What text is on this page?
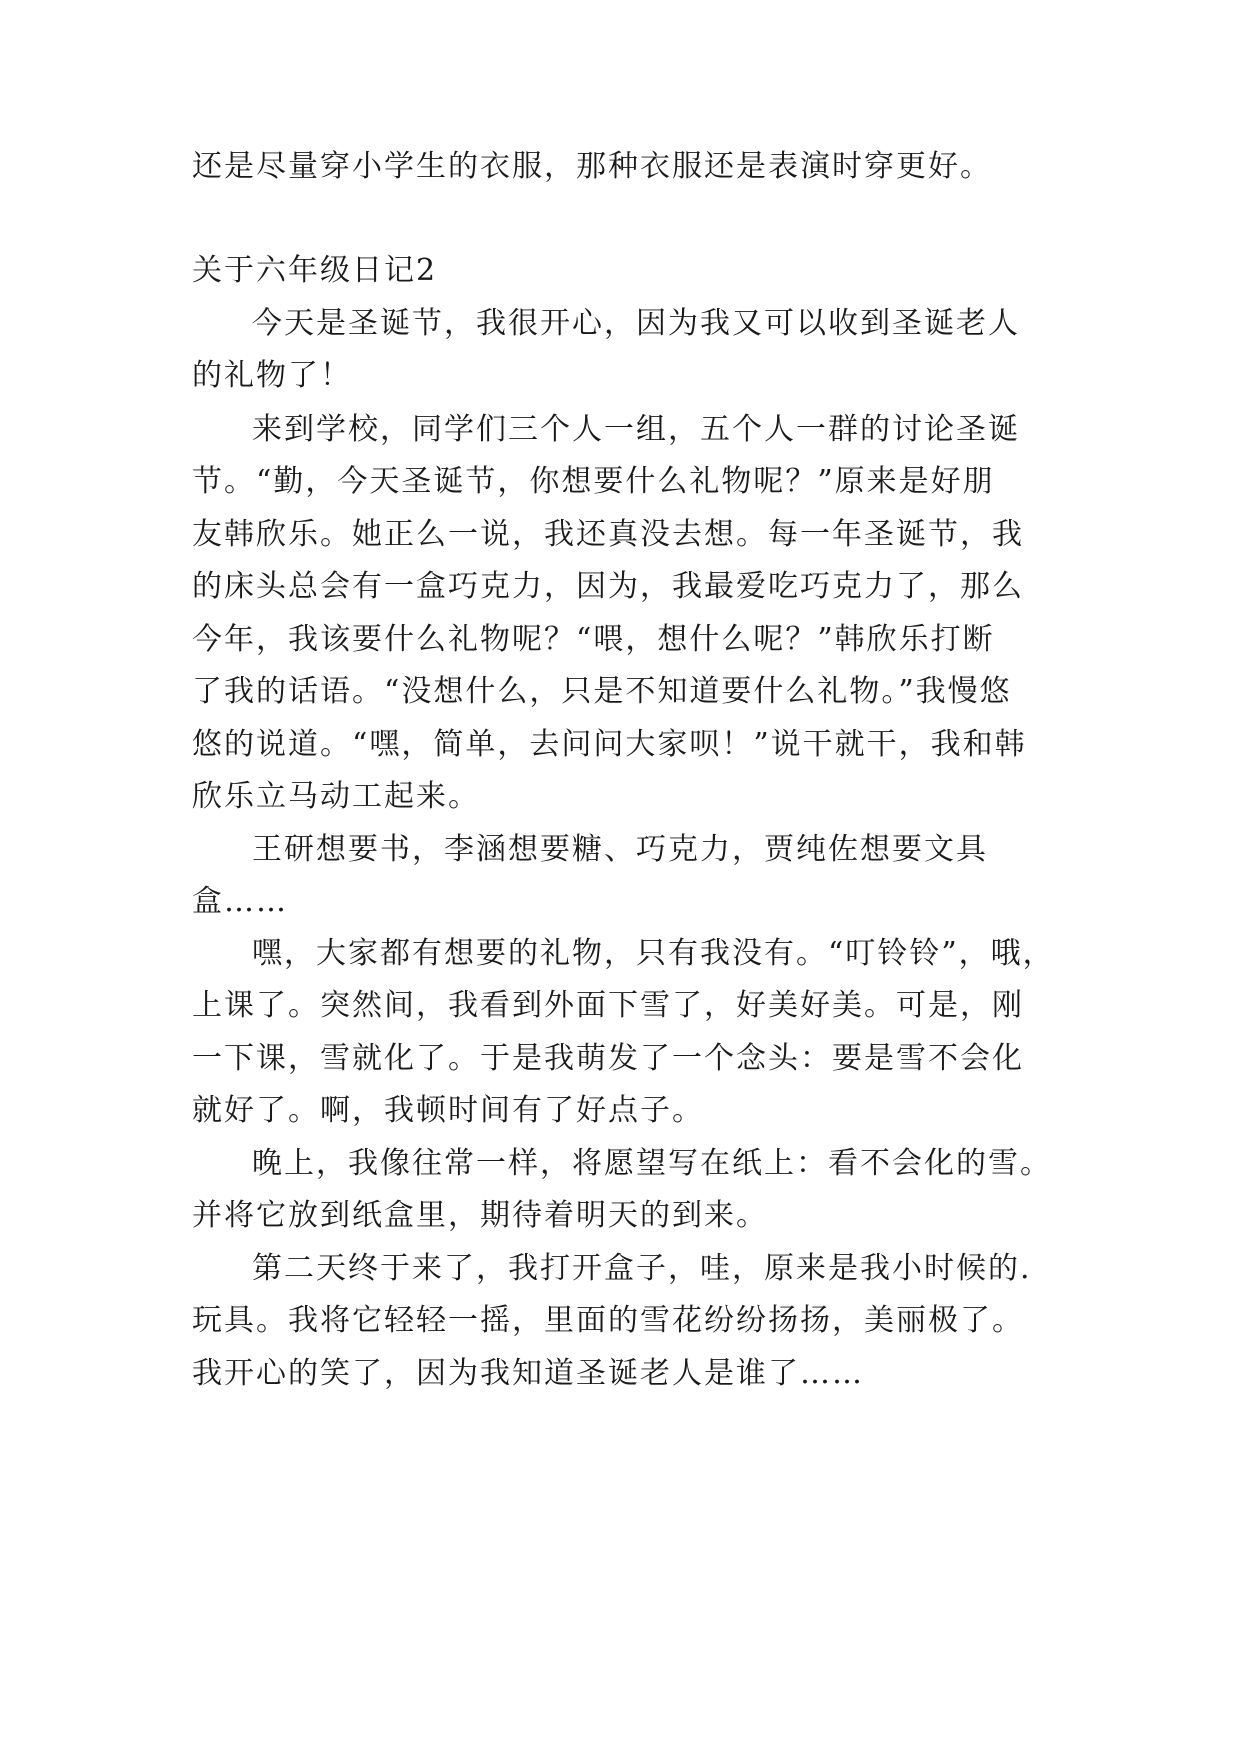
还是尽量穿小学生的衣服，那种衣服还是表演时穿更好。
关于六年级日记2
今天是圣诞节，我很开心，因为我又可以收到圣诞老人
的礼物了！
来到学校，同学们三个人一组，五个人一群的讨论圣诞
节。“勤，今天圣诞节，你想要什么礼物呢？”原来是好朋
友韩欣乐。她正么一说，我还真没去想。每一年圣诞节，我
的床头总会有一盒巧克力，因为，我最爱吃巧克力了，那么
今年，我该要什么礼物呢？“喂，想什么呢？”韩欣乐打断
了我的话语。“没想什么，只是不知道要什么礼物。”我慢悠
悠的说道。“嘿，简单，去问问大家呗！”说干就干，我和韩
欣乐立马动工起来。
王研想要书，李涵想要糖、巧克力，贾纯佐想要文具
盒……
嘿，大家都有想要的礼物，只有我没有。“叮铃铃”，哦，
上课了。突然间，我看到外面下雪了，好美好美。可是，刚
一下课，雪就化了。于是我萌发了一个念头：要是雪不会化
就好了。啊，我顿时间有了好点子。
晚上，我像往常一样，将愿望写在纸上：看不会化的雪。
并将它放到纸盒里，期待着明天的到来。
第二天终于来了，我打开盒子，哇，原来是我小时候的.
玩具。我将它轻轻一摇，里面的雪花纷纷扬扬，美丽极了。
我开心的笑了，因为我知道圣诞老人是谁了……
